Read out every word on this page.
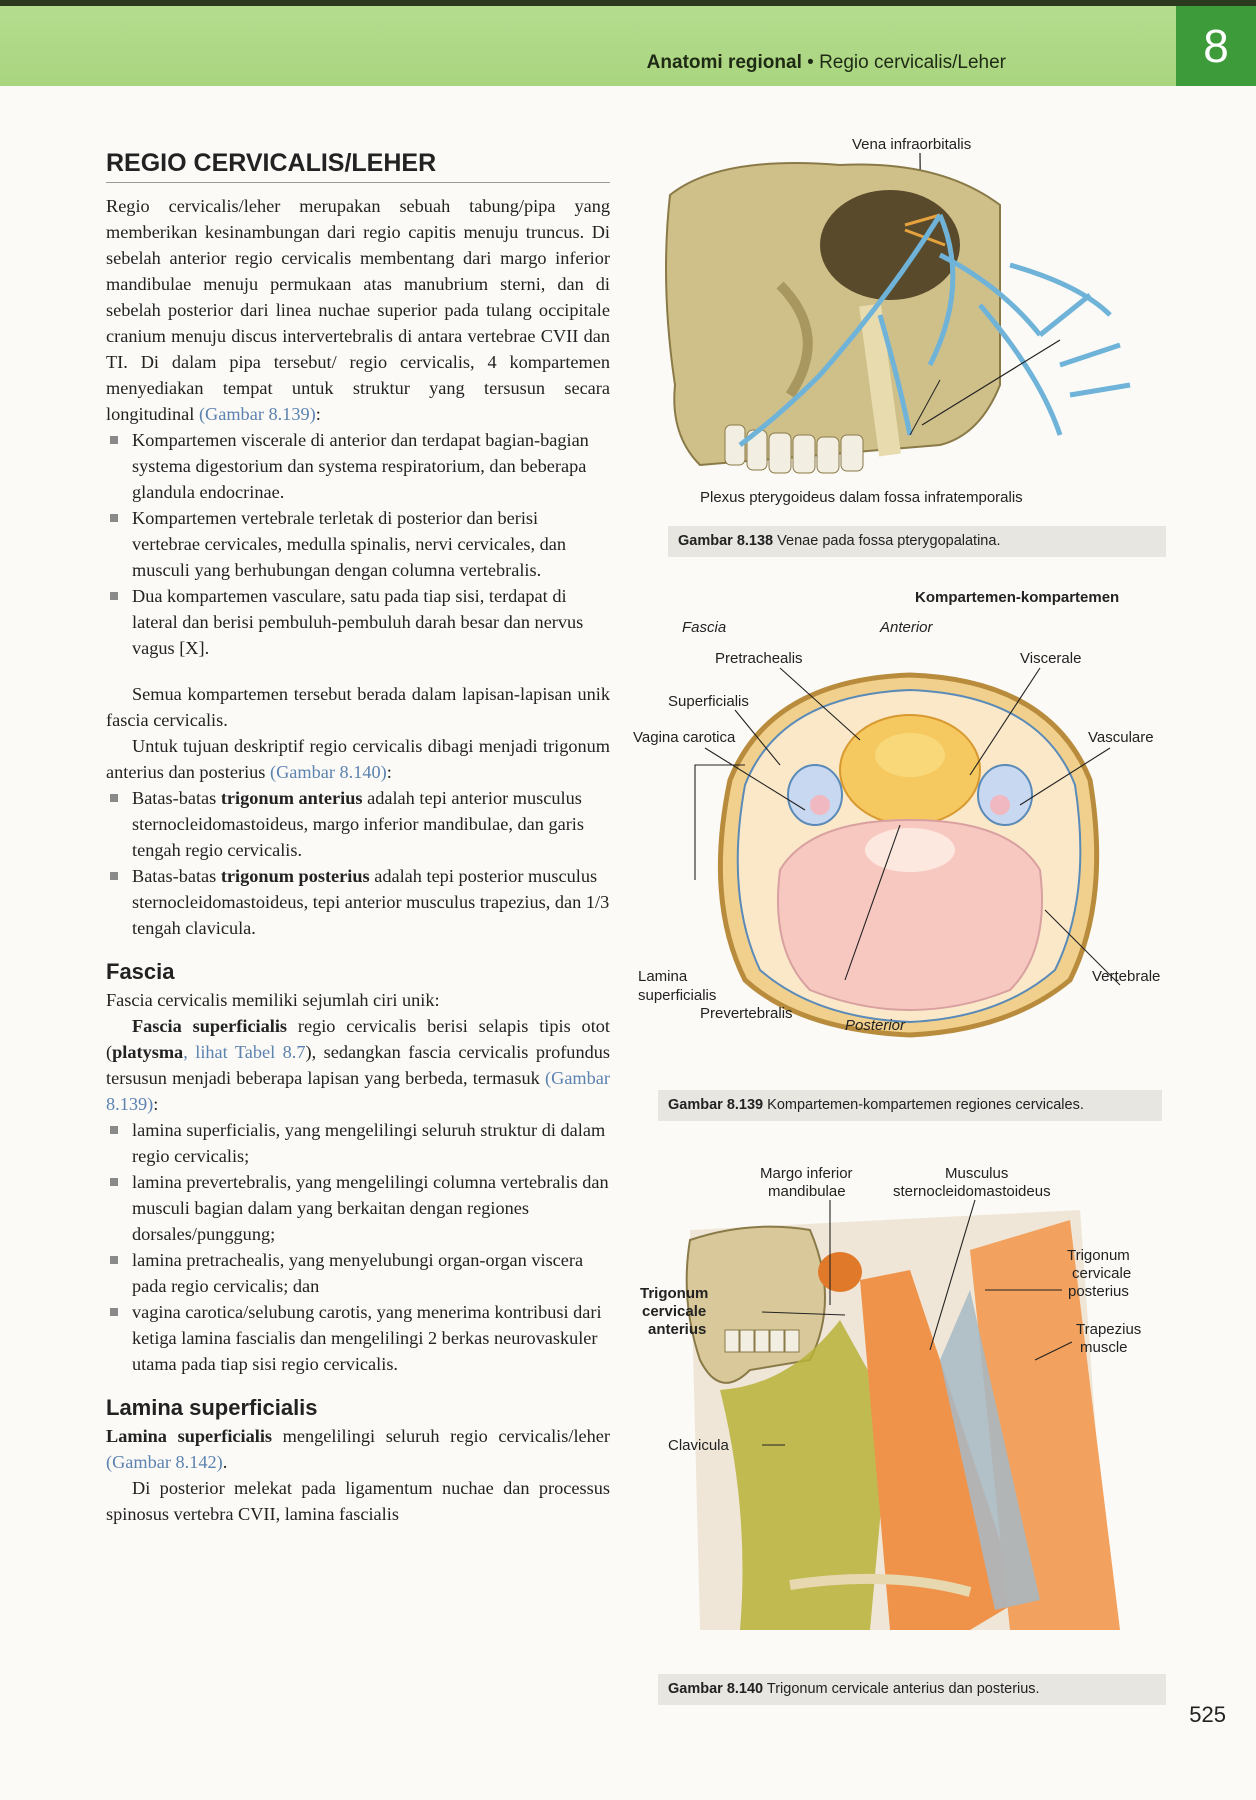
Anatomi regional • Regio cervicalis/Leher	8
REGIO CERVICALIS/LEHER

Regio cervicalis/leher merupakan sebuah tabung/pipa yang memberikan kesinambungan dari regio capitis menuju truncus. Di sebelah anterior regio cervicalis membentang dari margo inferior mandibulae menuju permukaan atas manubrium sterni, dan di sebelah posterior dari linea nuchae superior pada tulang occipitale cranium menuju discus intervertebralis di antara vertebrae CVII dan TI. Di dalam pipa tersebut/ regio cervicalis, 4 kompartemen menyediakan tempat untuk struktur yang tersusun secara longitudinal (Gambar 8.139):

Kompartemen viscerale di anterior dan terdapat bagian-bagian systema digestorium dan systema respiratorium, dan beberapa glandula endocrinae.
Kompartemen vertebrale terletak di posterior dan berisi vertebrae cervicales, medulla spinalis, nervi cervicales, dan musculi yang berhubungan dengan columna vertebralis.
Dua kompartemen vasculare, satu pada tiap sisi, terdapat di lateral dan berisi pembuluh-pembuluh darah besar dan nervus vagus [X].

Semua kompartemen tersebut berada dalam lapisan-lapisan unik fascia cervicalis.

Untuk tujuan deskriptif regio cervicalis dibagi menjadi trigonum anterius dan posterius (Gambar 8.140):

Batas-batas trigonum anterius adalah tepi anterior musculus sternocleidomastoideus, margo inferior mandibulae, dan garis tengah regio cervicalis.
Batas-batas trigonum posterius adalah tepi posterior musculus sternocleidomastoideus, tepi anterior musculus trapezius, dan 1/3 tengah clavicula.
Fascia

Fascia cervicalis memiliki sejumlah ciri unik:

Fascia superficialis regio cervicalis berisi selapis tipis otot (platysma, lihat Tabel 8.7), sedangkan fascia cervicalis profundus tersusun menjadi beberapa lapisan yang berbeda, termasuk (Gambar 8.139):

lamina superficialis, yang mengelilingi seluruh struktur di dalam regio cervicalis;
lamina prevertebralis, yang mengelilingi columna vertebralis dan musculi bagian dalam yang berkaitan dengan regiones dorsales/punggung;
lamina pretrachealis, yang menyelubungi organ-organ viscera pada regio cervicalis; dan
vagina carotica/selubung carotis, yang menerima kontribusi dari ketiga lamina fascialis dan mengelilingi 2 berkas neurovaskuler utama pada tiap sisi regio cervicalis.
Lamina superficialis

Lamina superficialis mengelilingi seluruh regio cervicalis/leher (Gambar 8.142).

Di posterior melekat pada ligamentum nuchae dan processus spinosus vertebra CVII, lamina fascialis

Vena infraorbitalis
Plexus pterygoideus dalam fossa infratemporalis
Gambar 8.138 Venae pada fossa pterygopalatina.
Kompartemen-kompartemen
Fascia	Anterior
Pretrachealis	Viscerale
Superficialis
Vagina carotica	Vasculare
Lamina
superficialis
Prevertebralis
Vertebrale
Posterior
Gambar 8.139 Kompartemen-kompartemen regiones cervicales.
Margo inferior
mandibulae
Musculus
sternocleidomastoideus
Trigonum
cervicale
anterius
Trigonum
cervicale
posterius
Trapezius
muscle
Clavicula
Gambar 8.140 Trigonum cervicale anterius dan posterius.
525
